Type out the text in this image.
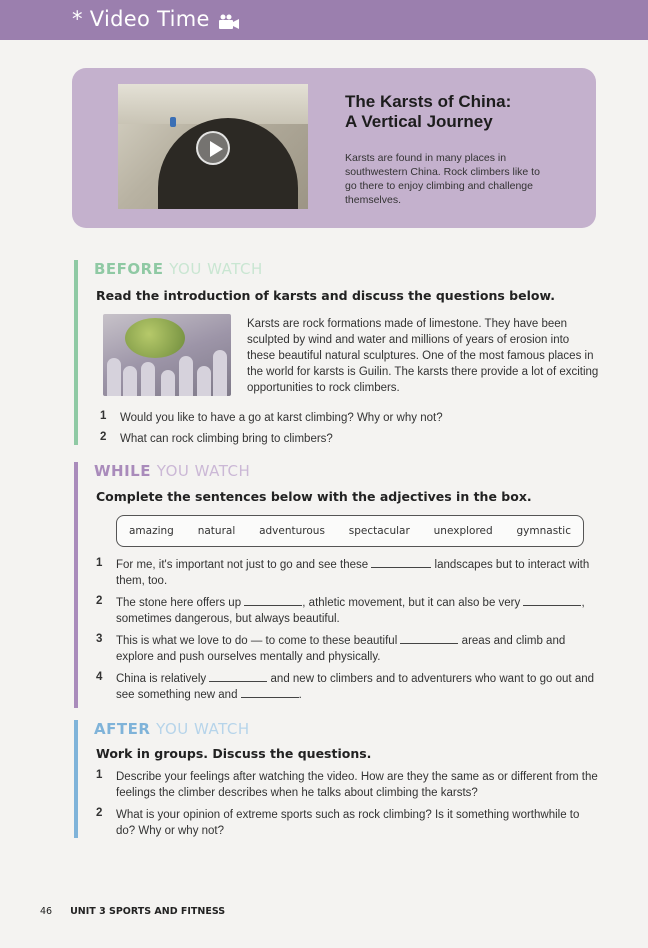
* Video Time
The Karsts of China:
A Vertical Journey
Karsts are found in many places in southwestern China. Rock climbers like to go there to enjoy climbing and challenge themselves.
BEFORE YOU WATCH
Read the introduction of karsts and discuss the questions below.
Karsts are rock formations made of limestone. They have been sculpted by wind and water and millions of years of erosion into these beautiful natural sculptures. One of the most famous places in the world for karsts is Guilin. The karsts there provide a lot of exciting opportunities to rock climbers.
1	Would you like to have a go at karst climbing? Why or why not?
2	What can rock climbing bring to climbers?
WHILE YOU WATCH
Complete the sentences below with the adjectives in the box.
amazing natural adventurous spectacular unexplored gymnastic
1	For me, it's important not just to go and see these	landscapes but to interact with them, too.
2	The stone here offers up	, athletic movement, but it can also be very	, sometimes dangerous, but always beautiful.
3	This is what we love to do — to come to these beautiful	areas and climb and explore and push ourselves mentally and physically.
4	China is relatively	and new to climbers and to adventurers who want to go out and see something new and	.
AFTER YOU WATCH
Work in groups. Discuss the questions.
1	Describe your feelings after watching the video. How are they the same as or different from the feelings the climber describes when he talks about climbing the karsts?
2	What is your opinion of extreme sports such as rock climbing? Is it something worthwhile to do? Why or why not?
46 UNIT 3 SPORTS AND FITNESS
